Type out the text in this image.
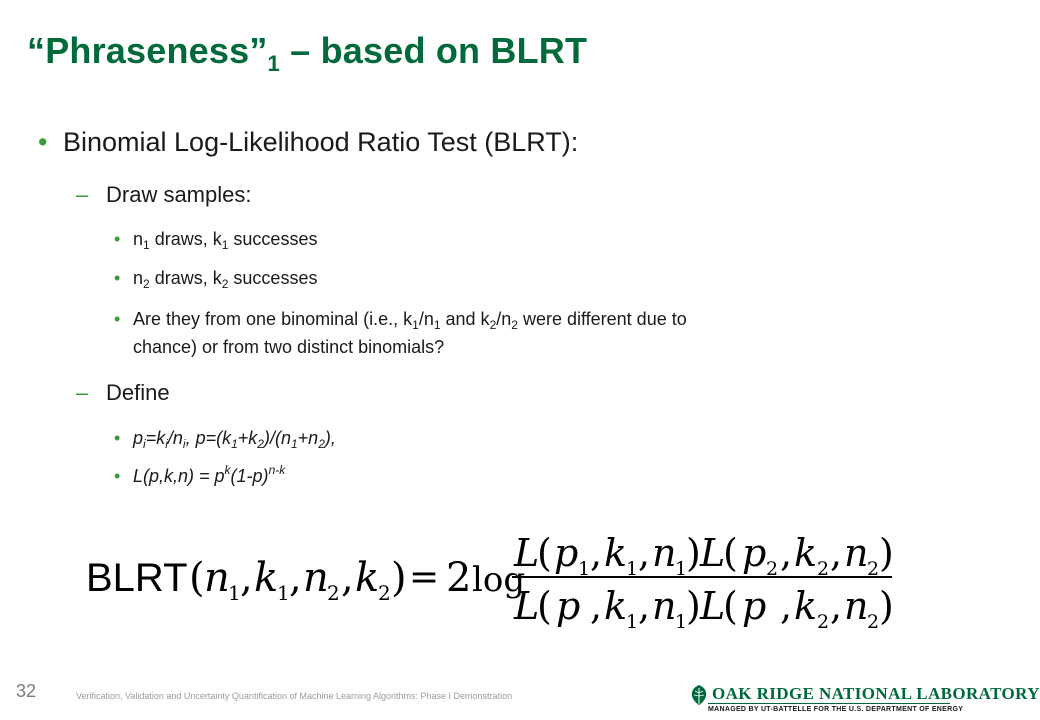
“$Phraseness”_1$ – based on BLRT
• Binomial Log-Likelihood Ratio Test (BLRT):
– Draw samples:
• $n_1$ draws, $k_1$ successes
• $n_2$ draws, $k_2$ successes
• Are they from one binominal (i.e., $k_1/n_1$ and $k_2/n_2$ were different due to
chance) or from two distinct binomials?
– Define
• $p_i=k_i/n_i$, $p=(k_1+k_2)/(n_1+n_2)$,
• $L(p,k,n) = p^k(1-p)^{n-k}$
BLRT ( n
1 , k
1 , n
2 , k
2 ) = 2 log
L
( p 1 , k
1 , n
1
) L
( p 2 , k 2 , n
2 )
L
( p , k
1 , n
1
) L
( p , k 2 , n
2 )
32	Verification, Validation and Uncertainty Quantification of Machine Learning Algorithms: Phase I Demonstration	OAK RIDGE NATIONAL LABORATORY
MANAGED BY UT-BATTELLE FOR THE U.S. DEPARTMENT OF ENERGY
